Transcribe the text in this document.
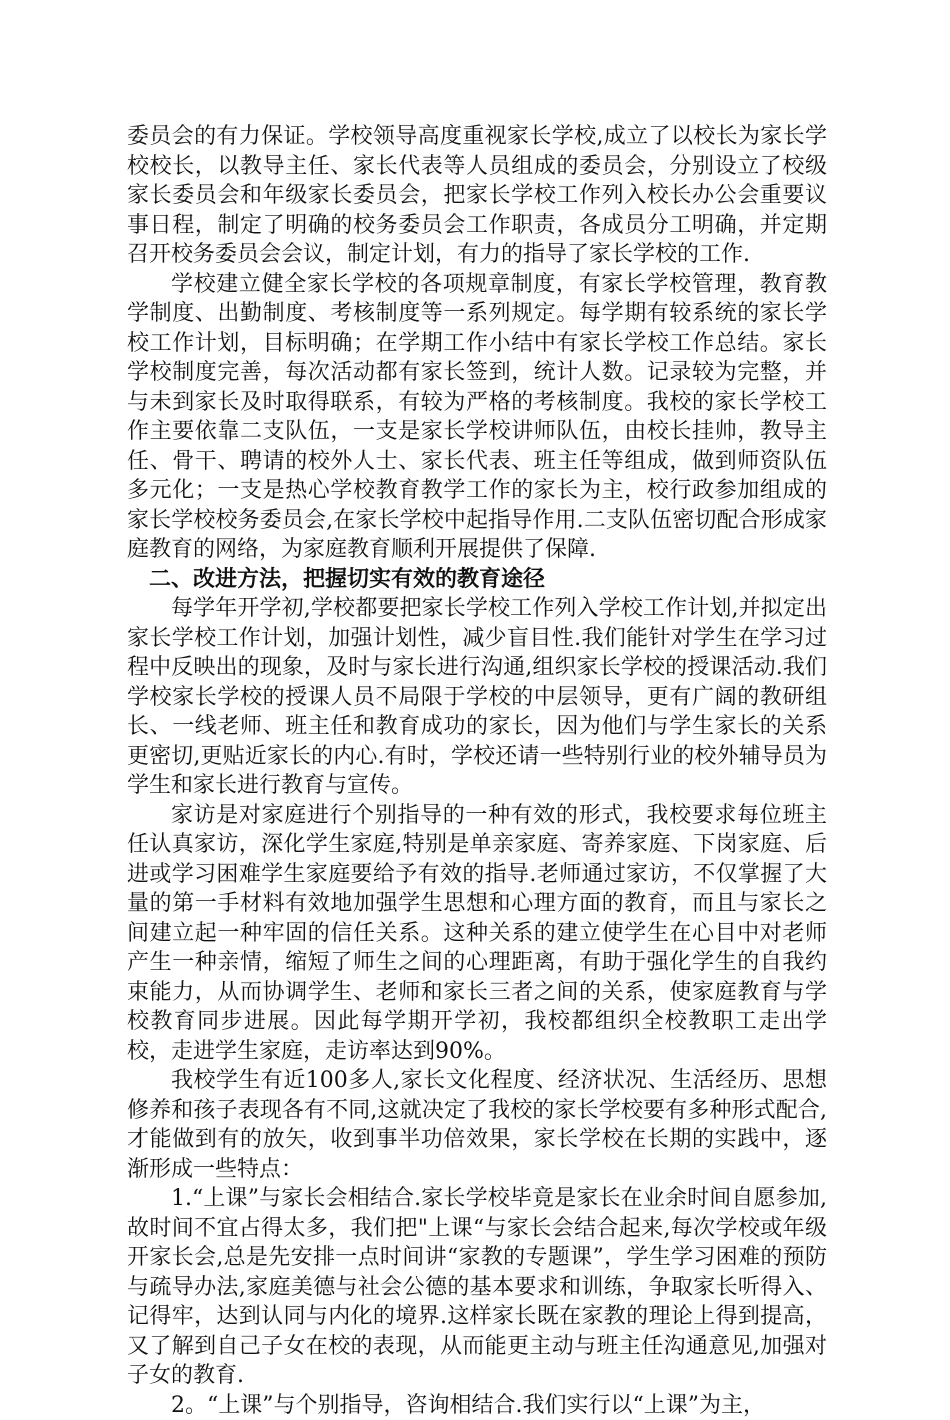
委员会的有力保证。学校领导高度重视家长学校,成立了以校长为家长学校校长，以教导主任、家长代表等人员组成的委员会，分别设立了校级家长委员会和年级家长委员会，把家长学校工作列入校长办公会重要议事日程，制定了明确的校务委员会工作职责，各成员分工明确，并定期召开校务委员会会议，制定计划，有力的指导了家长学校的工作.

学校建立健全家长学校的各项规章制度，有家长学校管理，教育教学制度、出勤制度、考核制度等一系列规定。每学期有较系统的家长学校工作计划，目标明确；在学期工作小结中有家长学校工作总结。家长学校制度完善，每次活动都有家长签到，统计人数。记录较为完整，并与未到家长及时取得联系，有较为严格的考核制度。我校的家长学校工作主要依靠二支队伍，一支是家长学校讲师队伍，由校长挂帅，教导主任、骨干、聘请的校外人士、家长代表、班主任等组成，做到师资队伍多元化；一支是热心学校教育教学工作的家长为主，校行政参加组成的家长学校校务委员会,在家长学校中起指导作用.二支队伍密切配合形成家庭教育的网络，为家庭教育顺利开展提供了保障.

二、改进方法，把握切实有效的教育途径

每学年开学初,学校都要把家长学校工作列入学校工作计划,并拟定出家长学校工作计划，加强计划性，减少盲目性.我们能针对学生在学习过程中反映出的现象，及时与家长进行沟通,组织家长学校的授课活动.我们学校家长学校的授课人员不局限于学校的中层领导，更有广阔的教研组长、一线老师、班主任和教育成功的家长，因为他们与学生家长的关系更密切,更贴近家长的内心.有时，学校还请一些特别行业的校外辅导员为学生和家长进行教育与宣传。

家访是对家庭进行个别指导的一种有效的形式，我校要求每位班主任认真家访，深化学生家庭,特别是单亲家庭、寄养家庭、下岗家庭、后进或学习困难学生家庭要给予有效的指导.老师通过家访，不仅掌握了大量的第一手材料有效地加强学生思想和心理方面的教育，而且与家长之间建立起一种牢固的信任关系。这种关系的建立使学生在心目中对老师产生一种亲情，缩短了师生之间的心理距离，有助于强化学生的自我约束能力，从而协调学生、老师和家长三者之间的关系，使家庭教育与学校教育同步进展。因此每学期开学初，我校都组织全校教职工走出学校，走进学生家庭，走访率达到90%。

我校学生有近100多人,家长文化程度、经济状况、生活经历、思想修养和孩子表现各有不同,这就决定了我校的家长学校要有多种形式配合,才能做到有的放矢，收到事半功倍效果，家长学校在长期的实践中，逐渐形成一些特点：

1.“上课”与家长会相结合.家长学校毕竟是家长在业余时间自愿参加,故时间不宜占得太多，我们把"上课“与家长会结合起来,每次学校或年级开家长会,总是先安排一点时间讲“家教的专题课”，学生学习困难的预防与疏导办法,家庭美德与社会公德的基本要求和训练，争取家长听得入、记得牢，达到认同与内化的境界.这样家长既在家教的理论上得到提高，又了解到自己子女在校的表现，从而能更主动与班主任沟通意见,加强对子女的教育.

2。“上课”与个别指导，咨询相结合.我们实行以“上课”为主，
